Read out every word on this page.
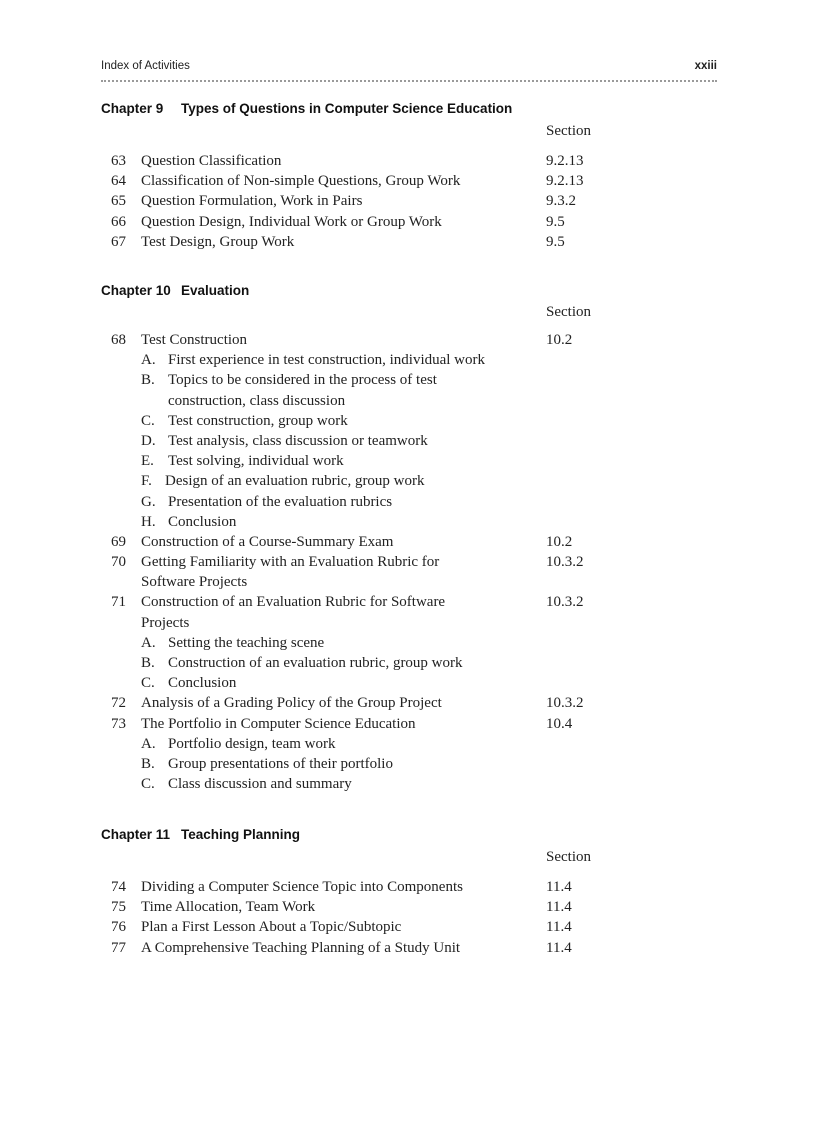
Index of Activities	xxiii
Chapter 9 Types of Questions in Computer Science Education
Section
63 Question Classification	9.2.13
64 Classification of Non-simple Questions, Group Work	9.2.13
65 Question Formulation, Work in Pairs	9.3.2
66 Question Design, Individual Work or Group Work	9.5
67 Test Design, Group Work	9.5
Chapter 10 Evaluation
Section
68 Test Construction	10.2
A. First experience in test construction, individual work
B. Topics to be considered in the process of test
construction, class discussion
C. Test construction, group work
D. Test analysis, class discussion or teamwork
E. Test solving, individual work
F. Design of an evaluation rubric, group work
G. Presentation of the evaluation rubrics
H. Conclusion
69 Construction of a Course-Summary Exam	10.2
70 Getting Familiarity with an Evaluation Rubric for	10.3.2
Software Projects
71 Construction of an Evaluation Rubric for Software	10.3.2
Projects
A. Setting the teaching scene
B. Construction of an evaluation rubric, group work
C. Conclusion
72 Analysis of a Grading Policy of the Group Project	10.3.2
73 The Portfolio in Computer Science Education	10.4
A. Portfolio design, team work
B. Group presentations of their portfolio
C. Class discussion and summary
Chapter 11 Teaching Planning
Section
74 Dividing a Computer Science Topic into Components	11.4
75 Time Allocation, Team Work	11.4
76 Plan a First Lesson About a Topic/Subtopic	11.4
77 A Comprehensive Teaching Planning of a Study Unit	11.4
